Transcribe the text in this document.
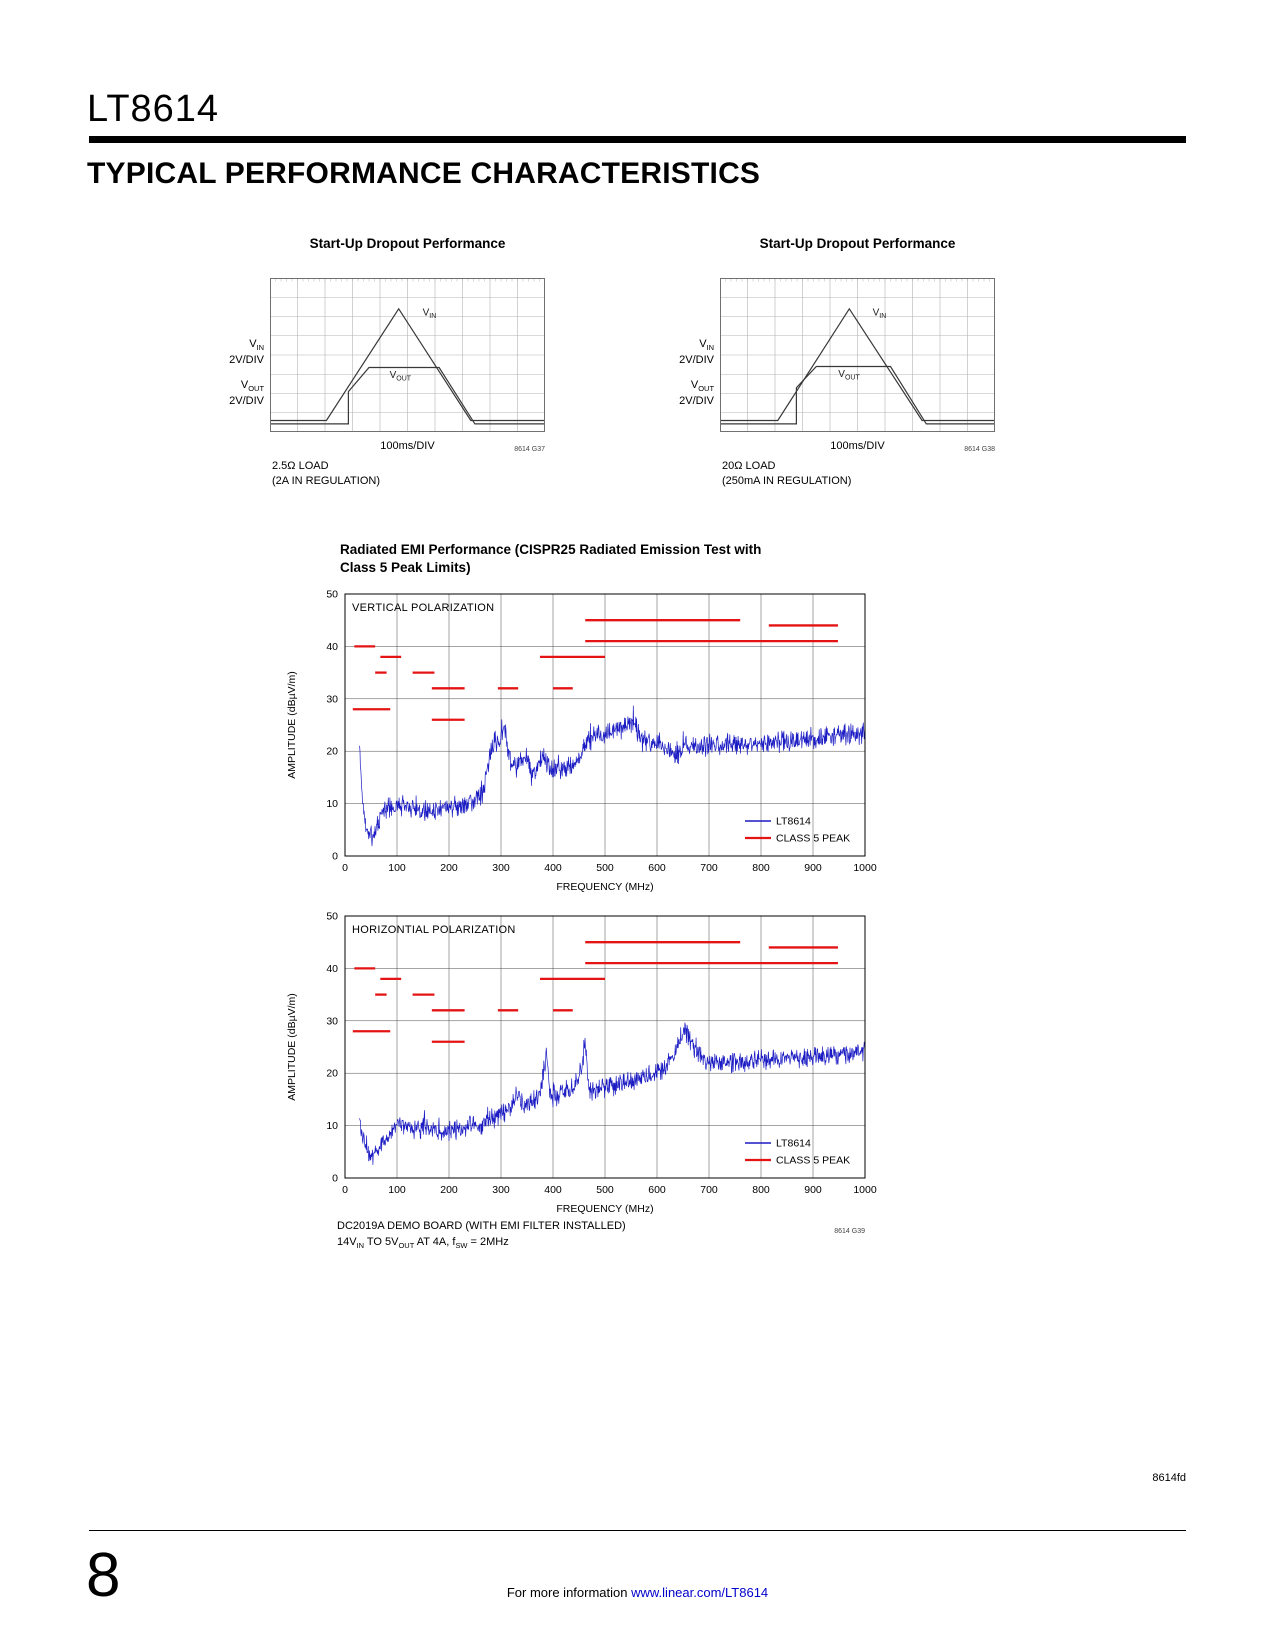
LT8614
TYPICAL PERFORMANCE CHARACTERISTICS
Start-Up Dropout Performance
$V_{IN}$
$V_{OUT}$
$V_{IN}$
2V/DIV
$V_{OUT}$
2V/DIV
100ms/DIV	8614 G37
2.5Ω LOAD
(2A IN REGULATION)
Start-Up Dropout Performance
$V_{IN}$
$V_{OUT}$
$V_{IN}$
2V/DIV
$V_{OUT}$
2V/DIV
100ms/DIV	8614 G38
20Ω LOAD
(250mA IN REGULATION)
Radiated EMI Performance (CISPR25 Radiated Emission Test with
Class 5 Peak Limits)
0	100	200	300	400	500	600	700	800	900	1000
0
10
20
30
40
50
VERTICAL POLARIZATION
AMPLITUDE (dBµV/m)
FREQUENCY (MHz)
LT8614
CLASS 5 PEAK
0	100	200	300	400	500	600	700	800	900	1000
0
10
20
30
40
50
HORIZONTIAL POLARIZATION
AMPLITUDE (dBµV/m)
FREQUENCY (MHz)
LT8614
CLASS 5 PEAK
DC2019A DEMO BOARD (WITH EMI FILTER INSTALLED)
$14V_{IN}$ TO $5V_{OUT}$ AT 4A, $f_{SW} = 2MHz$
8614 G39
8614fd
8	For more information www.linear.com/LT8614
